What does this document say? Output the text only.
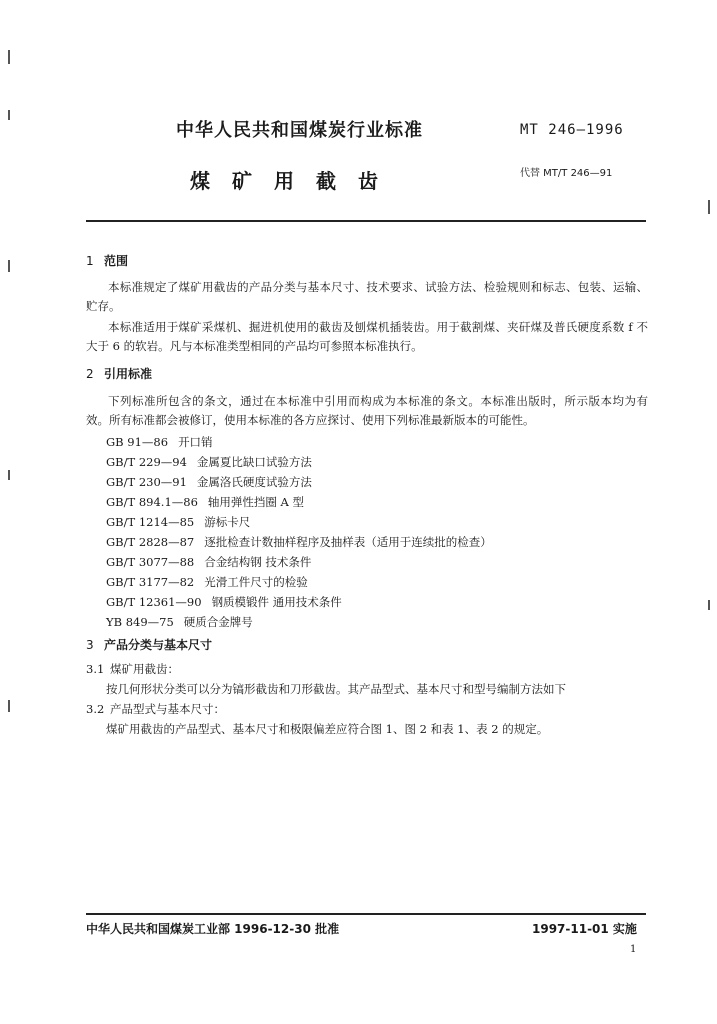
中华人民共和国煤炭行业标准	MT 246—1996
煤矿用截齿	代替 MT/T 246—91
1 范围
本标准规定了煤矿用截齿的产品分类与基本尺寸、技术要求、试验方法、检验规则和标志、包装、运输、贮存。
本标准适用于煤矿采煤机、掘进机使用的截齿及刨煤机插装齿。用于截割煤、夹矸煤及普氏硬度系数 f 不大于 6 的软岩。凡与本标准类型相同的产品均可参照本标准执行。
2 引用标准
下列标准所包含的条文，通过在本标准中引用而构成为本标准的条文。本标准出版时，所示版本均为有效。所有标准都会被修订，使用本标准的各方应探讨、使用下列标准最新版本的可能性。
GB 91—86 开口销
GB/T 229—94 金属夏比缺口试验方法
GB/T 230—91 金属洛氏硬度试验方法
GB/T 894.1—86 轴用弹性挡圈 A 型
GB/T 1214—85 游标卡尺
GB/T 2828—87 逐批检查计数抽样程序及抽样表（适用于连续批的检查）
GB/T 3077—88 合金结构钢 技术条件
GB/T 3177—82 光滑工件尺寸的检验
GB/T 12361—90 钢质模锻件 通用技术条件
YB 849—75 硬质合金牌号
3 产品分类与基本尺寸
3.1 煤矿用截齿：
按几何形状分类可以分为镐形截齿和刀形截齿。其产品型式、基本尺寸和型号编制方法如下
3.2 产品型式与基本尺寸：
煤矿用截齿的产品型式、基本尺寸和极限偏差应符合图 1、图 2 和表 1、表 2 的规定。
中华人民共和国煤炭工业部 1996-12-30 批准	1997-11-01 实施
1
